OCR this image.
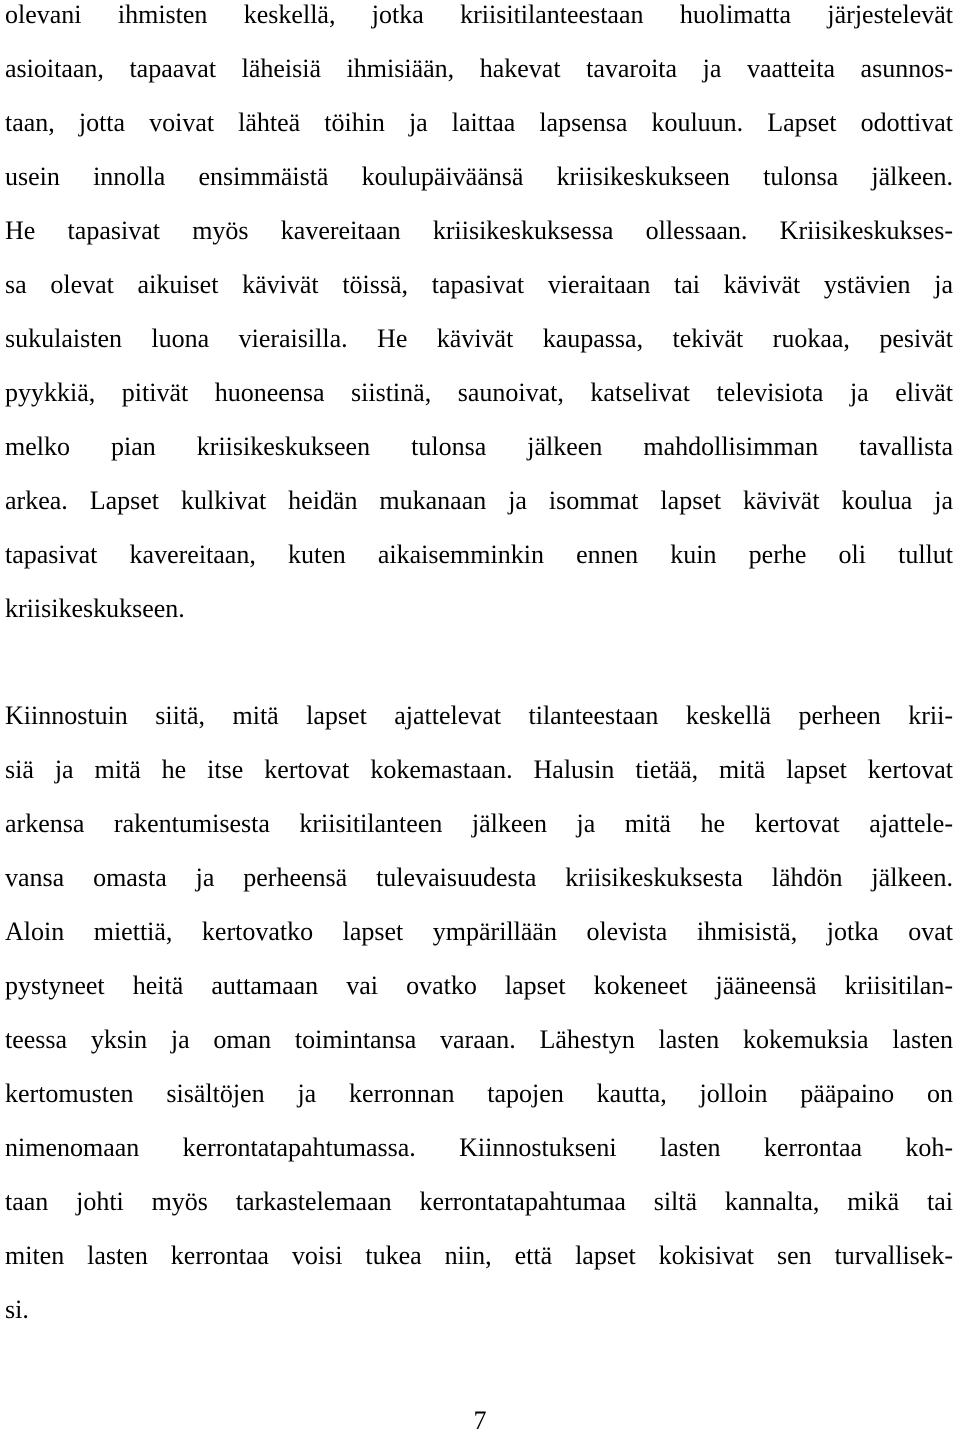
olevani ihmisten keskellä, jotka kriisitilanteestaan huolimatta järjestelevät
asioitaan, tapaavat läheisiä ihmisiään, hakevat tavaroita ja vaatteita asunnos-
taan, jotta voivat lähteä töihin ja laittaa lapsensa kouluun. Lapset odottivat
usein innolla ensimmäistä koulupäiväänsä kriisikeskukseen tulonsa jälkeen.
He tapasivat myös kavereitaan kriisikeskuksessa ollessaan. Kriisikeskukses-
sa olevat aikuiset kävivät töissä, tapasivat vieraitaan tai kävivät ystävien ja
sukulaisten luona vieraisilla. He kävivät kaupassa, tekivät ruokaa, pesivät
pyykkiä, pitivät huoneensa siistinä, saunoivat, katselivat televisiota ja elivät
melko pian kriisikeskukseen tulonsa jälkeen mahdollisimman tavallista
arkea. Lapset kulkivat heidän mukanaan ja isommat lapset kävivät koulua ja
tapasivat kavereitaan, kuten aikaisemminkin ennen kuin perhe oli tullut
kriisikeskukseen.
Kiinnostuin siitä, mitä lapset ajattelevat tilanteestaan keskellä perheen krii-
siä ja mitä he itse kertovat kokemastaan. Halusin tietää, mitä lapset kertovat
arkensa rakentumisesta kriisitilanteen jälkeen ja mitä he kertovat ajattele-
vansa omasta ja perheensä tulevaisuudesta kriisikeskuksesta lähdön jälkeen.
Aloin miettiä, kertovatko lapset ympärillään olevista ihmisistä, jotka ovat
pystyneet heitä auttamaan vai ovatko lapset kokeneet jääneensä kriisitilan-
teessa yksin ja oman toimintansa varaan. Lähestyn lasten kokemuksia lasten
kertomusten sisältöjen ja kerronnan tapojen kautta, jolloin pääpaino on
nimenomaan kerrontatapahtumassa. Kiinnostukseni lasten kerrontaa koh-
taan johti myös tarkastelemaan kerrontatapahtumaa siltä kannalta, mikä tai
miten lasten kerrontaa voisi tukea niin, että lapset kokisivat sen turvallisek-
si.
7
